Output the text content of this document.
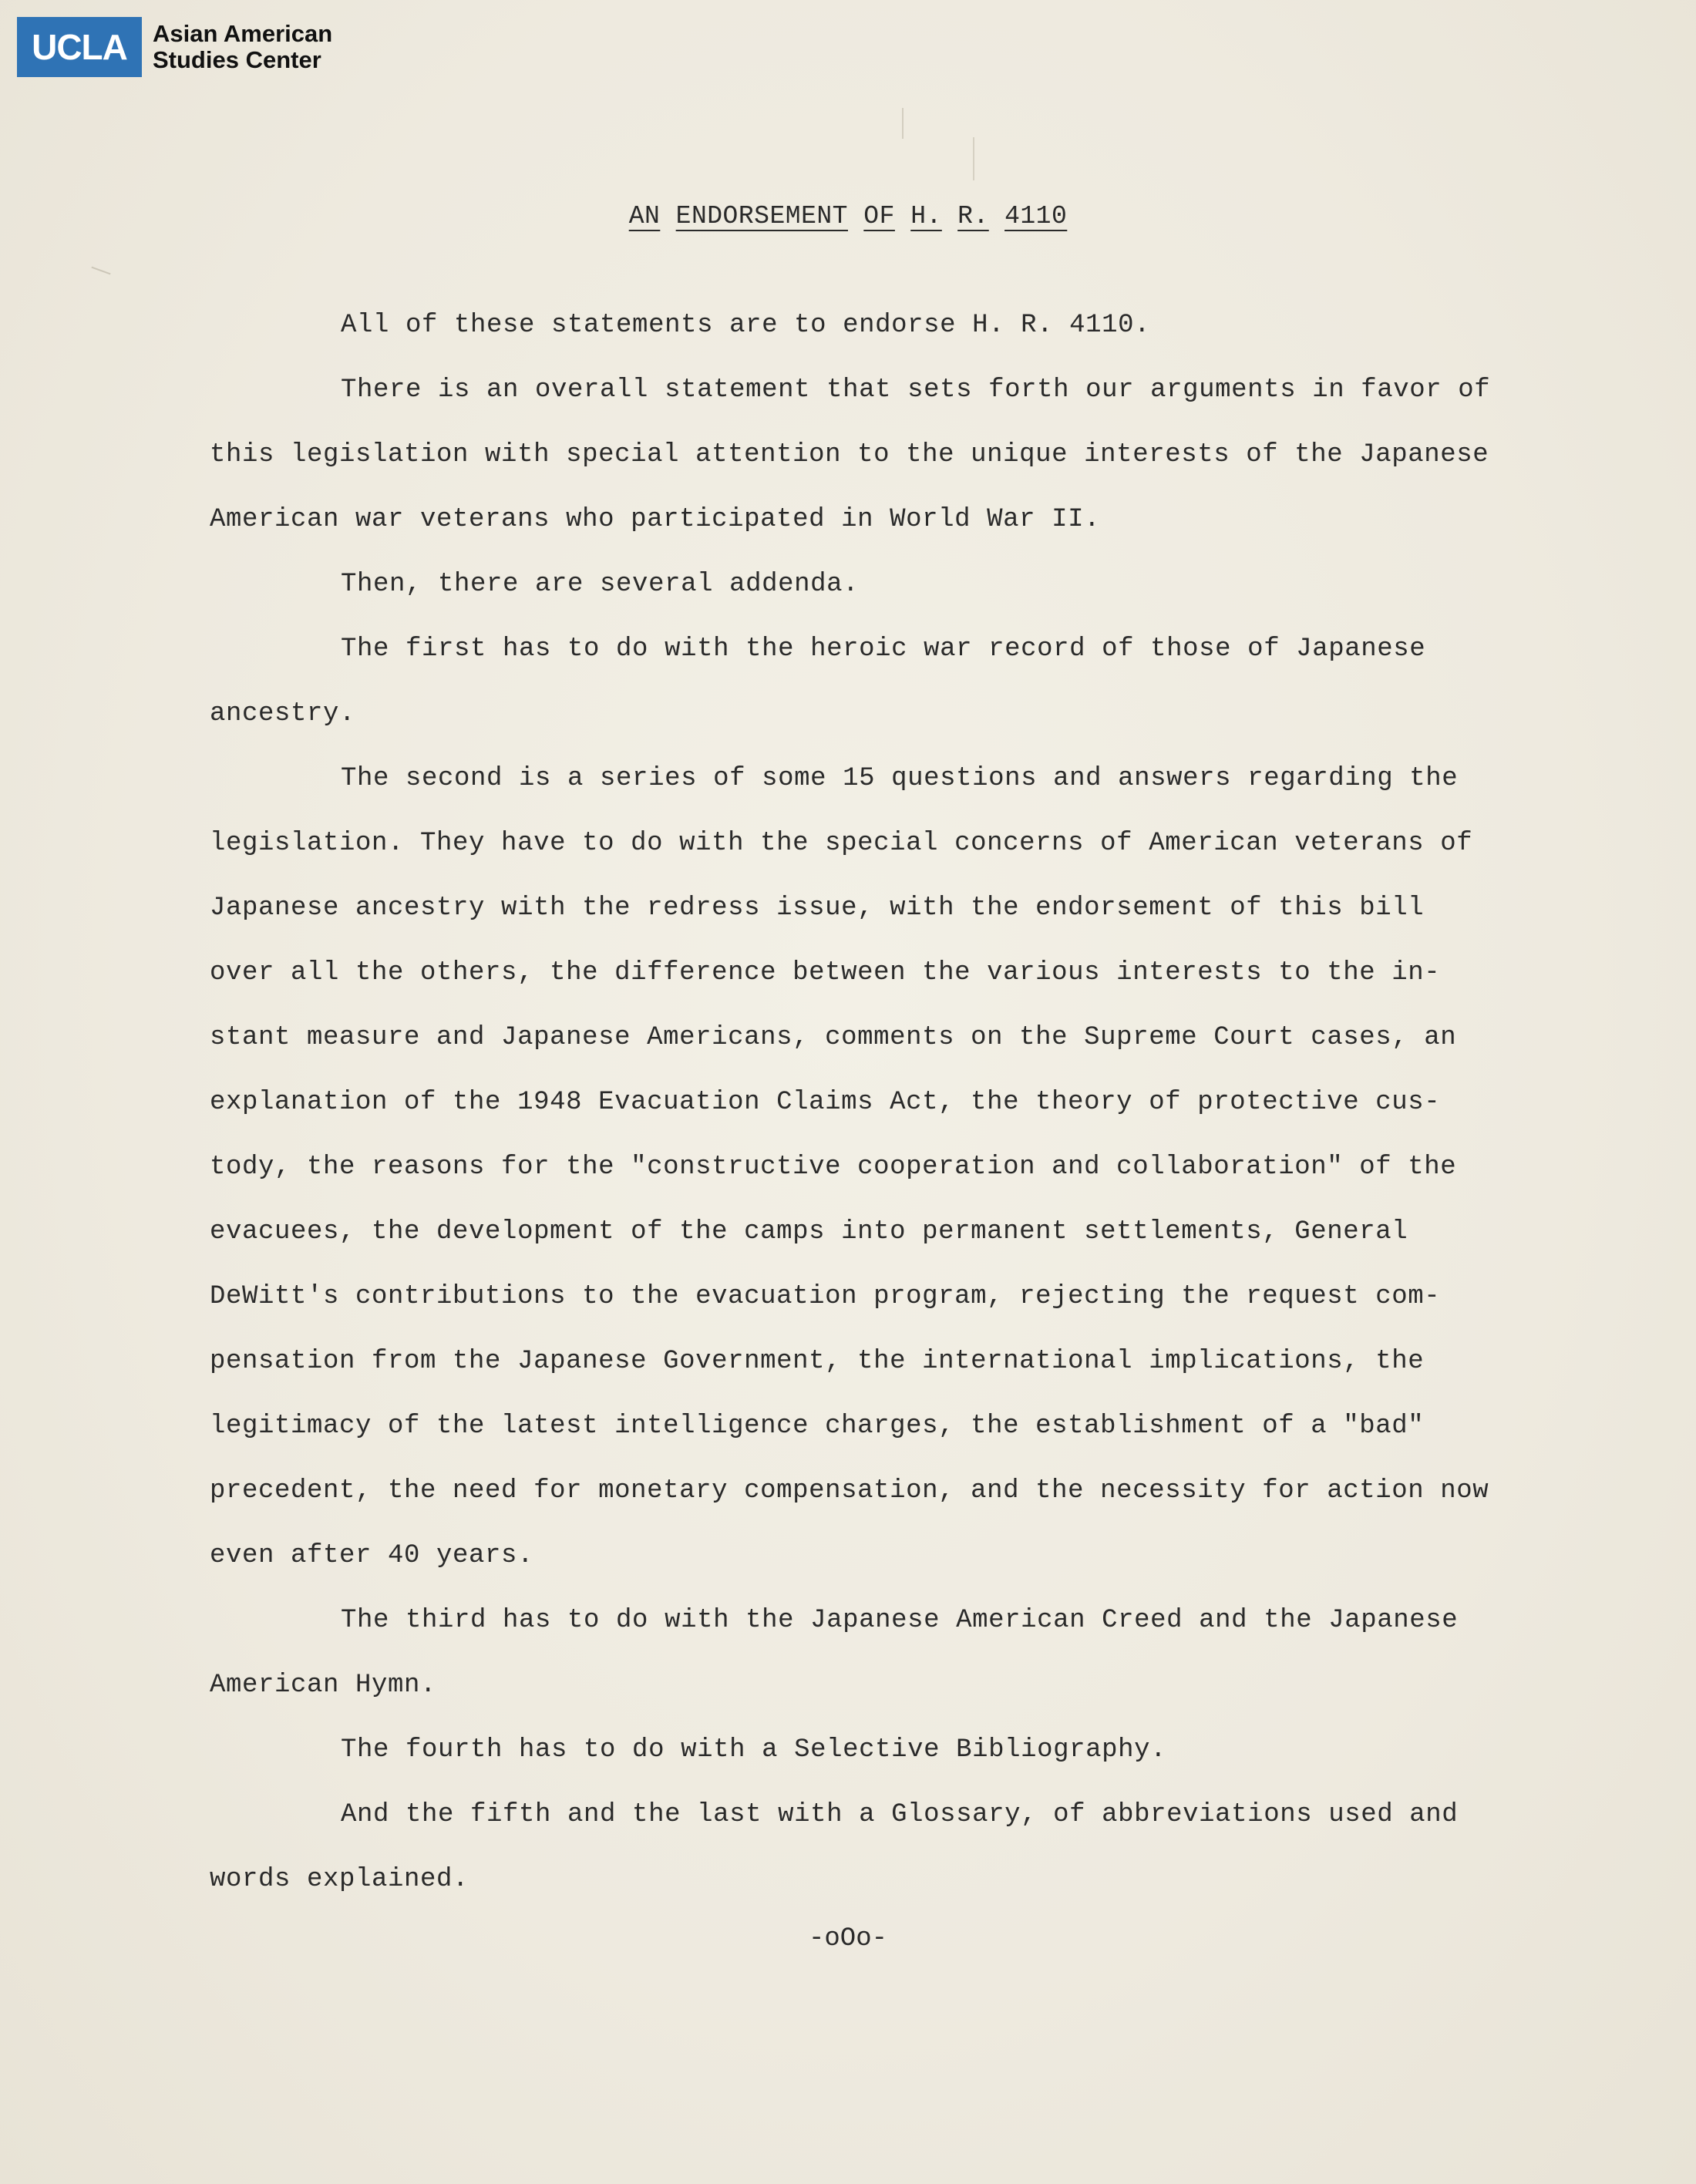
UCLA	Asian American
Studies Center
AN ENDORSEMENT OF H. R. 4110

All of these statements are to endorse H. R. 4110.

There is an overall statement that sets forth our arguments in favor of this legislation with special attention to the unique interests of the Japanese American war veterans who participated in World War II.

Then, there are several addenda.

The first has to do with the heroic war record of those of Japanese ancestry.

The second is a series of some 15 questions and answers regarding the legislation. They have to do with the special concerns of American veterans of Japanese ancestry with the redress issue, with the endorsement of this bill over all the others, the difference between the various interests to the in-stant measure and Japanese Americans, comments on the Supreme Court cases, an explanation of the 1948 Evacuation Claims Act, the theory of protective cus-tody, the reasons for the "constructive cooperation and collaboration" of the evacuees, the development of the camps into permanent settlements, General DeWitt's contributions to the evacuation program, rejecting the request com-pensation from the Japanese Government, the international implications, the legitimacy of the latest intelligence charges, the establishment of a "bad" precedent, the need for monetary compensation, and the necessity for action now even after 40 years.

The third has to do with the Japanese American Creed and the Japanese American Hymn.

The fourth has to do with a Selective Bibliography.

And the fifth and the last with a Glossary, of abbreviations used and words explained.

-oOo-
